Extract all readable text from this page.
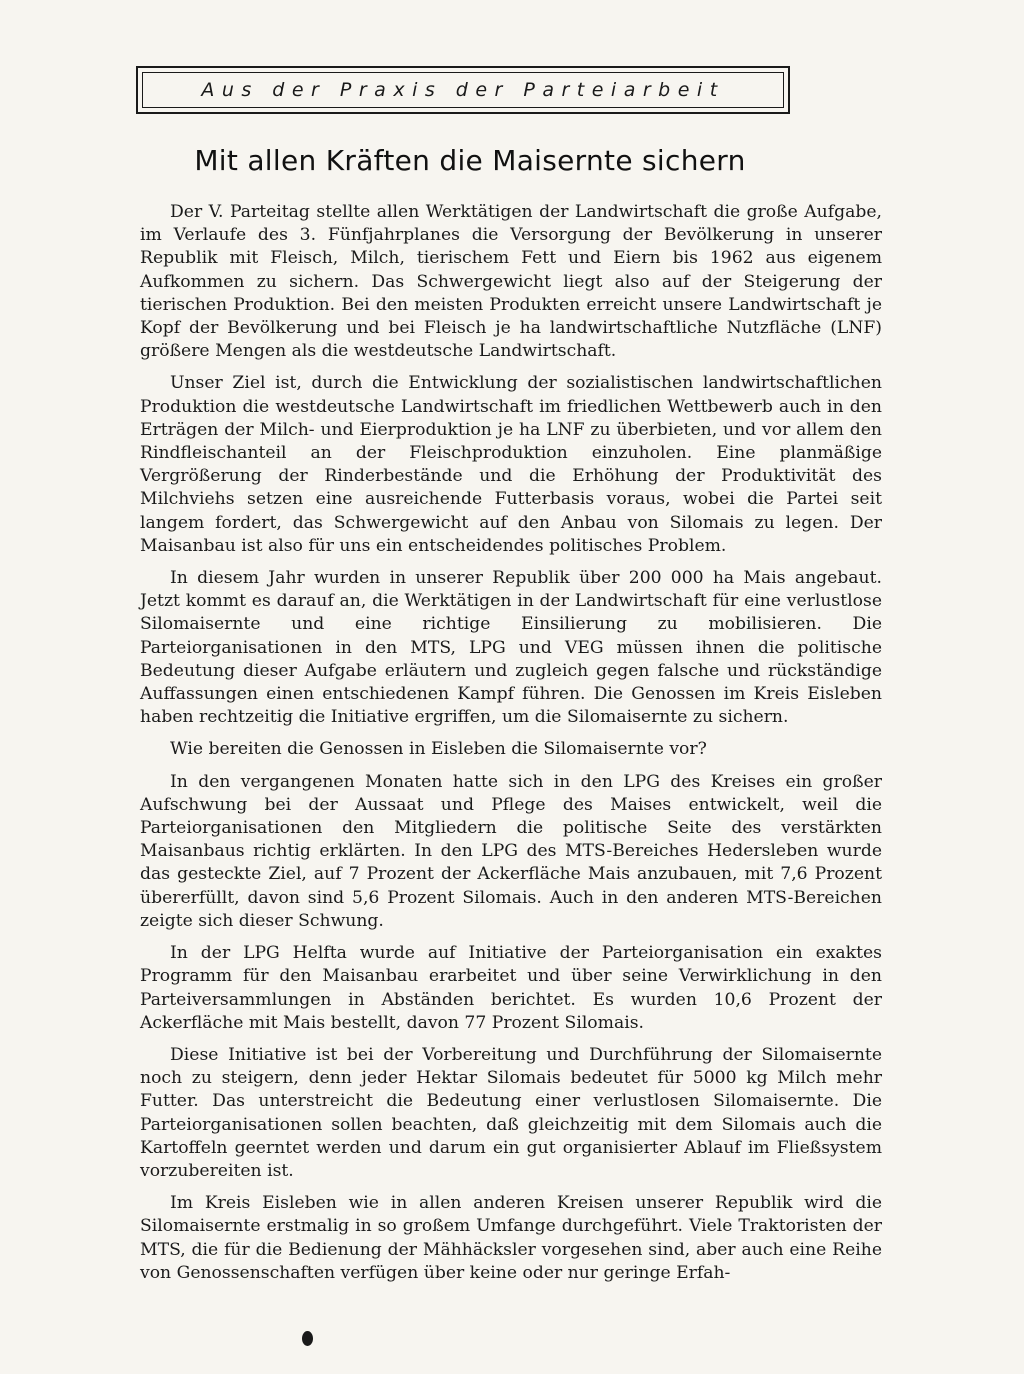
Aus der Praxis der Parteiarbeit
Mit allen Kräften die Maisernte sichern

Der V. Parteitag stellte allen Werktätigen der Landwirtschaft die große Aufgabe, im Verlaufe des 3. Fünfjahrplanes die Versorgung der Bevölkerung in unserer Republik mit Fleisch, Milch, tierischem Fett und Eiern bis 1962 aus eigenem Aufkommen zu sichern. Das Schwergewicht liegt also auf der Steigerung der tierischen Produktion. Bei den meisten Produkten erreicht unsere Landwirtschaft je Kopf der Bevölkerung und bei Fleisch je ha landwirtschaftliche Nutzfläche (LNF) größere Mengen als die westdeutsche Landwirtschaft.

Unser Ziel ist, durch die Entwicklung der sozialistischen landwirtschaftlichen Produktion die westdeutsche Landwirtschaft im friedlichen Wettbewerb auch in den Erträgen der Milch- und Eierproduktion je ha LNF zu überbieten, und vor allem den Rindfleischanteil an der Fleischproduktion einzuholen. Eine planmäßige Vergrößerung der Rinderbestände und die Erhöhung der Produktivität des Milchviehs setzen eine ausreichende Futterbasis voraus, wobei die Partei seit langem fordert, das Schwergewicht auf den Anbau von Silomais zu legen. Der Maisanbau ist also für uns ein entscheidendes politisches Problem.

In diesem Jahr wurden in unserer Republik über 200 000 ha Mais angebaut. Jetzt kommt es darauf an, die Werktätigen in der Landwirtschaft für eine verlustlose Silomaisernte und eine richtige Einsilierung zu mobilisieren. Die Parteiorganisationen in den MTS, LPG und VEG müssen ihnen die politische Bedeutung dieser Aufgabe erläutern und zugleich gegen falsche und rückständige Auffassungen einen entschiedenen Kampf führen. Die Genossen im Kreis Eisleben haben rechtzeitig die Initiative ergriffen, um die Silomaisernte zu sichern.

Wie bereiten die Genossen in Eisleben die Silomaisernte vor?

In den vergangenen Monaten hatte sich in den LPG des Kreises ein großer Aufschwung bei der Aussaat und Pflege des Maises entwickelt, weil die Parteiorganisationen den Mitgliedern die politische Seite des verstärkten Maisanbaus richtig erklärten. In den LPG des MTS-Bereiches Hedersleben wurde das gesteckte Ziel, auf 7 Prozent der Ackerfläche Mais anzubauen, mit 7,6 Prozent übererfüllt, davon sind 5,6 Prozent Silomais. Auch in den anderen MTS-Bereichen zeigte sich dieser Schwung.

In der LPG Helfta wurde auf Initiative der Parteiorganisation ein exaktes Programm für den Maisanbau erarbeitet und über seine Verwirklichung in den Parteiversammlungen in Abständen berichtet. Es wurden 10,6 Prozent der Ackerfläche mit Mais bestellt, davon 77 Prozent Silomais.

Diese Initiative ist bei der Vorbereitung und Durchführung der Silomaisernte noch zu steigern, denn jeder Hektar Silomais bedeutet für 5000 kg Milch mehr Futter. Das unterstreicht die Bedeutung einer verlustlosen Silomaisernte. Die Parteiorganisationen sollen beachten, daß gleichzeitig mit dem Silomais auch die Kartoffeln geerntet werden und darum ein gut organisierter Ablauf im Fließsystem vorzubereiten ist.

Im Kreis Eisleben wie in allen anderen Kreisen unserer Republik wird die Silomaisernte erstmalig in so großem Umfange durchgeführt. Viele Traktoristen der MTS, die für die Bedienung der Mähhäcksler vorgesehen sind, aber auch eine Reihe von Genossenschaften verfügen über keine oder nur geringe Erfah-
